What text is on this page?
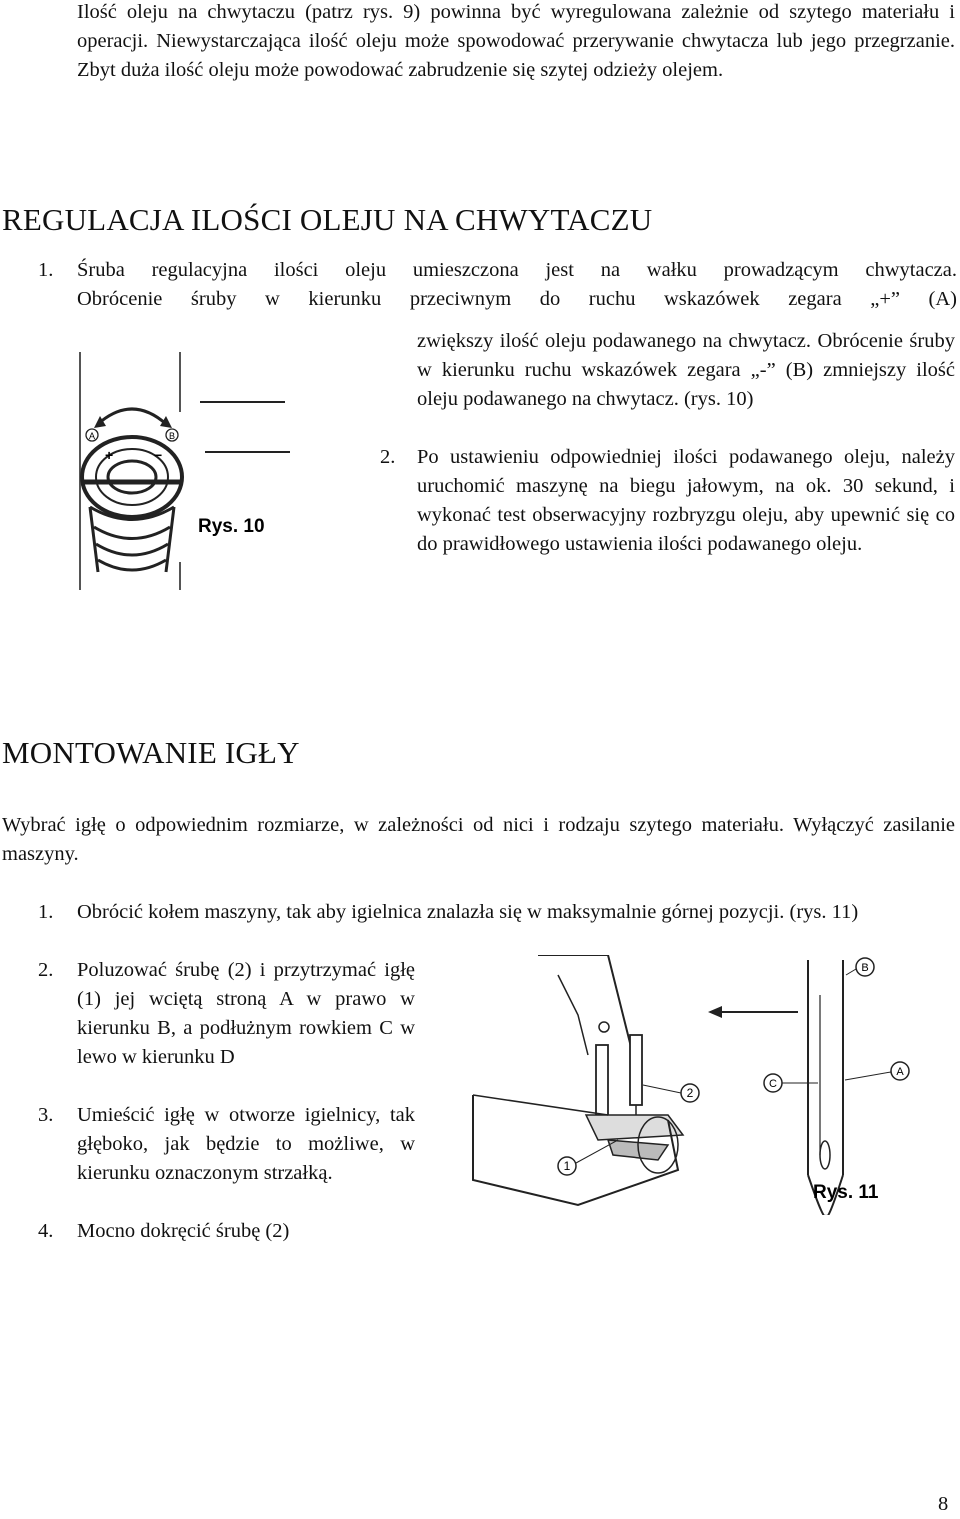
Ilość oleju na chwytaczu (patrz rys. 9) powinna być wyregulowana zależnie od szytego materiału i operacji. Niewystarczająca ilość oleju może spowodować przerywanie chwytacza lub jego przegrzanie. Zbyt duża ilość oleju może powodować zabrudzenie się szytej odzieży olejem.
REGULACJA ILOŚCI OLEJU NA CHWYTACZU
1. Śruba regulacyjna ilości oleju umieszczona jest na wałku prowadzącym chwytacza.
Obrócenie śruby w kierunku przeciwnym do ruchu wskazówek zegara „+” (A)
zwiększy ilość oleju podawanego na chwytacz. Obrócenie śruby w kierunku ruchu wskazówek zegara „-” (B) zmniejszy ilość oleju podawanego na chwytacz. (rys. 10)
2. Po ustawieniu odpowiedniej ilości podawanego oleju, należy uruchomić maszynę na biegu jałowym, na ok. 30 sekund, i wykonać test obserwacyjny rozbryzgu oleju, aby upewnić się co do prawidłowego ustawienia ilości podawanego oleju.
A	B
+	−
Rys. 10
MONTOWANIE IGŁY
Wybrać igłę o odpowiednim rozmiarze, w zależności od nici i rodzaju szytego materiału. Wyłączyć zasilanie maszyny.
1. Obrócić kołem maszyny, tak aby igielnica znalazła się w maksymalnie górnej pozycji. (rys. 11)
2. Poluzować śrubę (2) i przytrzymać igłę (1) jej wciętą stroną A w prawo w kierunku B, a podłużnym rowkiem C w lewo w kierunku D
3. Umieścić igłę w otworze igielnicy, tak głęboko, jak będzie to możliwe, w kierunku oznaczonym strzałką.
4. Mocno dokręcić śrubę (2)
1
2
B
C
A
Rys. 11
8
